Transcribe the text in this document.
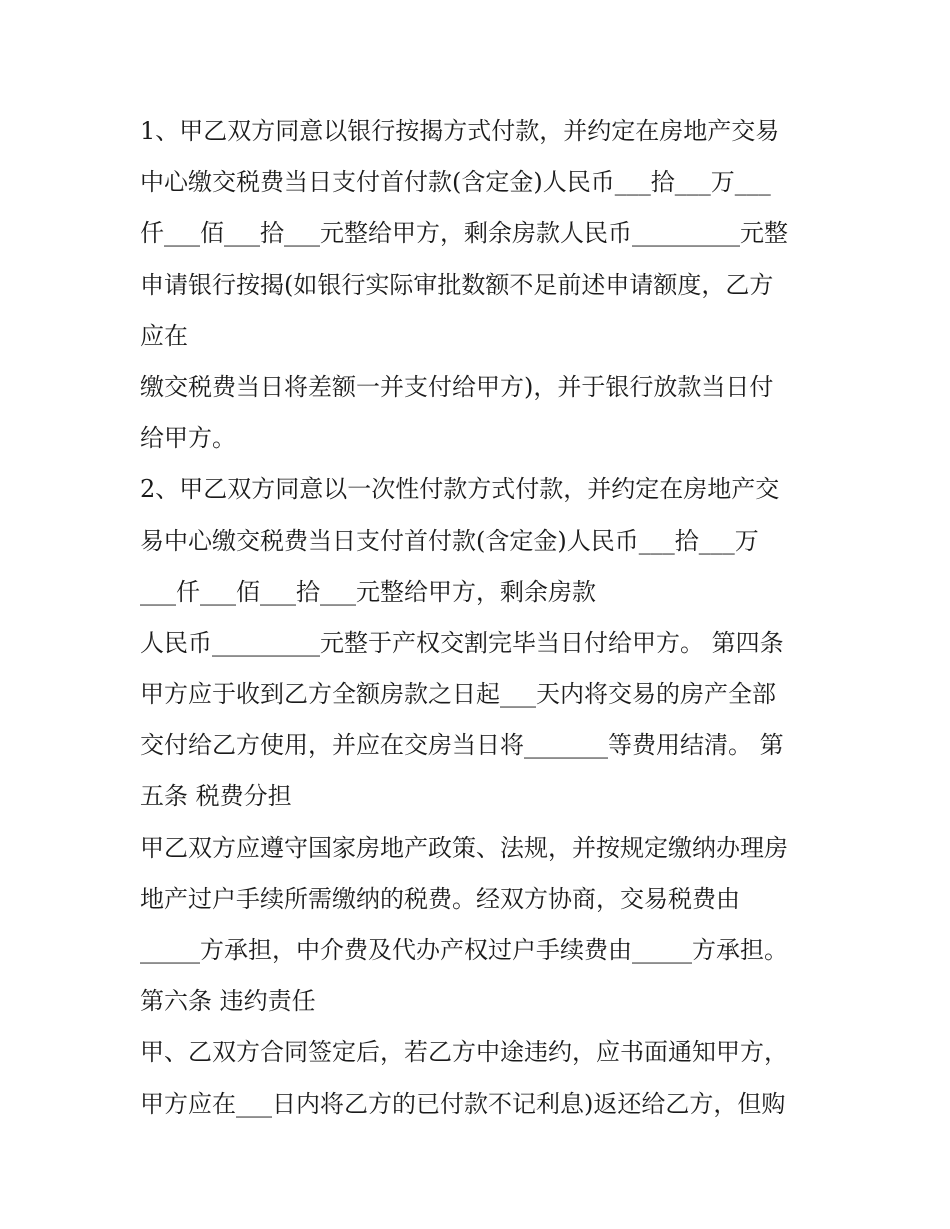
1、甲乙双方同意以银行按揭方式付款，并约定在房地产交易
中心缴交税费当日支付首付款(含定金)人民币___拾___万___
仟___佰___拾___元整给甲方，剩余房款人民币_________元整
申请银行按揭(如银行实际审批数额不足前述申请额度，乙方
应在
缴交税费当日将差额一并支付给甲方)，并于银行放款当日付
给甲方。
2、甲乙双方同意以一次性付款方式付款，并约定在房地产交
易中心缴交税费当日支付首付款(含定金)人民币___拾___万
___仟___佰___拾___元整给甲方，剩余房款
人民币_________元整于产权交割完毕当日付给甲方。 第四条
甲方应于收到乙方全额房款之日起___天内将交易的房产全部
交付给乙方使用，并应在交房当日将_______等费用结清。 第
五条 税费分担
甲乙双方应遵守国家房地产政策、法规，并按规定缴纳办理房
地产过户手续所需缴纳的税费。经双方协商，交易税费由
_____方承担，中介费及代办产权过户手续费由_____方承担。
第六条 违约责任
甲、乙双方合同签定后，若乙方中途违约，应书面通知甲方，
甲方应在___日内将乙方的已付款不记利息)返还给乙方，但购
